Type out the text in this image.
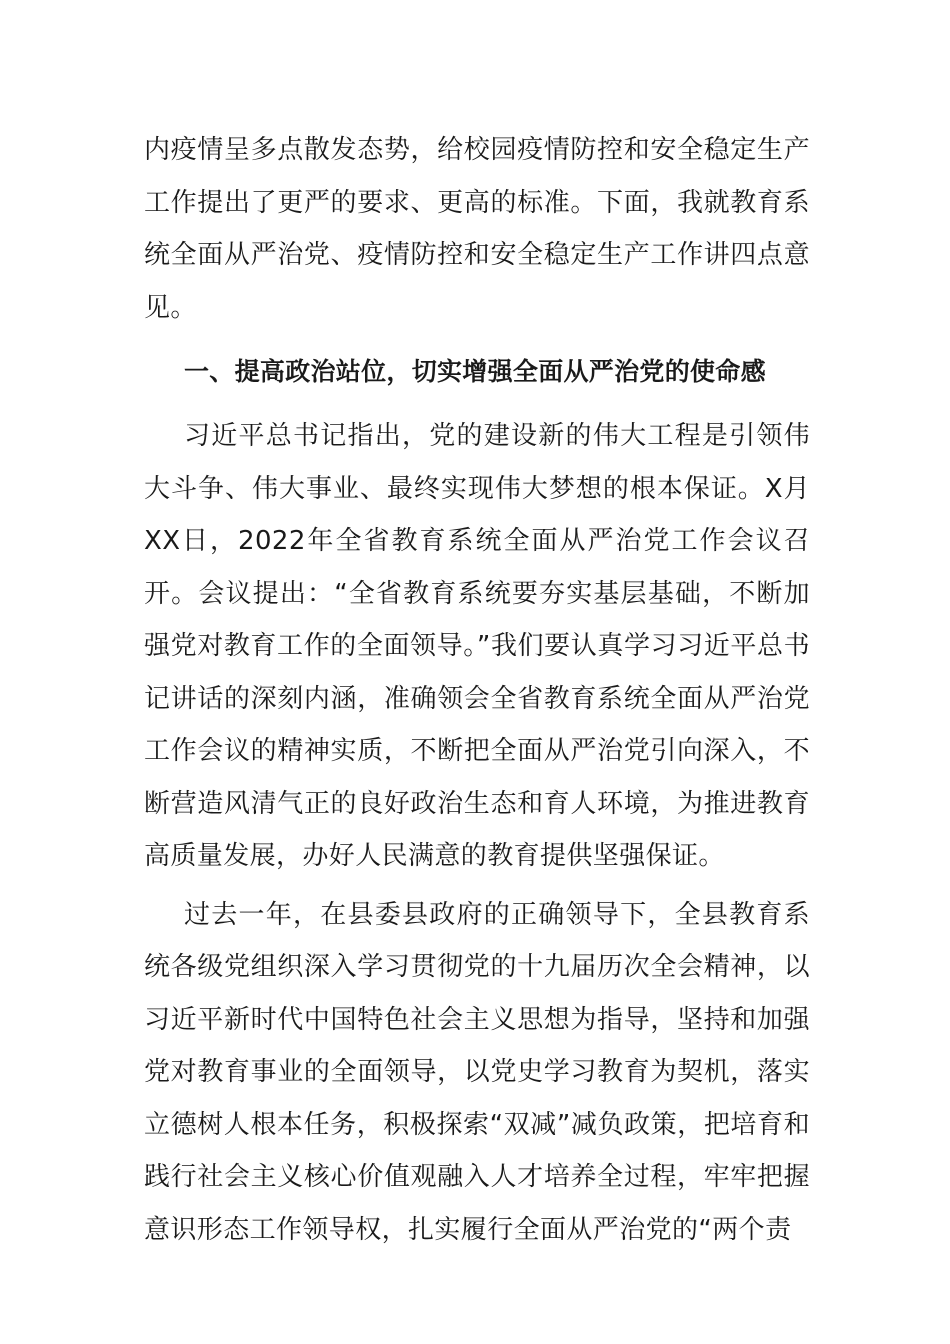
内疫情呈多点散发态势，给校园疫情防控和安全稳定生产工作提出了更严的要求、更高的标准。下面，我就教育系统全面从严治党、疫情防控和安全稳定生产工作讲四点意见。

一、提高政治站位，切实增强全面从严治党的使命感

习近平总书记指出，党的建设新的伟大工程是引领伟大斗争、伟大事业、最终实现伟大梦想的根本保证。X月XX日，2022年全省教育系统全面从严治党工作会议召开。会议提出：“全省教育系统要夯实基层基础，不断加强党对教育工作的全面领导。”我们要认真学习习近平总书记讲话的深刻内涵，准确领会全省教育系统全面从严治党工作会议的精神实质，不断把全面从严治党引向深入，不断营造风清气正的良好政治生态和育人环境，为推进教育高质量发展，办好人民满意的教育提供坚强保证。

过去一年，在县委县政府的正确领导下，全县教育系统各级党组织深入学习贯彻党的十九届历次全会精神，以习近平新时代中国特色社会主义思想为指导，坚持和加强党对教育事业的全面领导，以党史学习教育为契机，落实立德树人根本任务，积极探索“双减”减负政策，把培育和践行社会主义核心价值观融入人才培养全过程，牢牢把握意识形态工作领导权，扎实履行全面从严治党的“两个责
